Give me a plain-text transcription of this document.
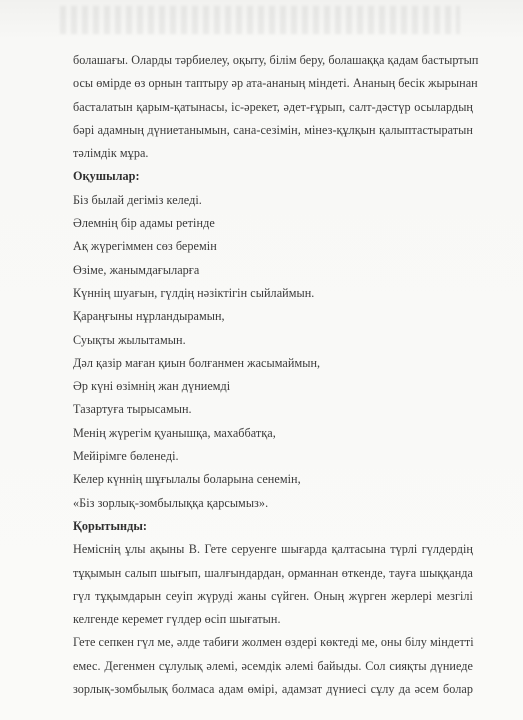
болашағы. Оларды тәрбиелеу, оқыту, білім беру, болашаққа қадам бастыртып
осы өмірде өз орнын таптыру әр ата-ананың міндеті. Ананың бесік жырынан
басталатын қарым-қатынасы, іс-әрекет, әдет-ғұрып, салт-дәстүр осылардың
бәрі адамның дүниетанымын, сана-сезімін, мінез-құлқын қалыптастыратын
тәлімдік мұра.
Оқушылар:
Біз былай дегіміз келеді.
Әлемнің бір адамы ретінде
Ақ жүрегіммен сөз беремін
Өзіме, жанымдағыларға
Күннің шуағын, гүлдің нәзіктігін сыйлаймын.
Қараңғыны нұрландырамын,
Суықты жылытамын.
Дәл қазір маған қиын болғанмен жасымаймын,
Әр күні өзімнің жан дүниемді
Тазартуға тырысамын.
Менің жүрегім қуанышқа, махаббатқа,
Мейірімге бөленеді.
Келер күннің шұғылалы боларына сенемін,
«Біз зорлық-зомбылыққа қарсымыз».
Қорытынды:
Неміснің ұлы ақыны В. Гете серуенге шығарда қалтасына түрлі гүлдердің
тұқымын салып шығып, шалғындардан, орманнан өткенде, тауға шыққанда
гүл тұқымдарын сеуіп жүруді жаны сүйген. Оның жүрген жерлері мезгілі
келгенде керемет гүлдер өсіп шығатын.
Гете сепкен гүл ме, әлде табиғи жолмен өздері көктеді ме, оны білу міндетті
емес. Дегенмен сұлулық әлемі, әсемдік әлемі байыды. Сол сияқты дүниеде
зорлық-зомбылық болмаса адам өмірі, адамзат дүниесі сұлу да әсем болар
